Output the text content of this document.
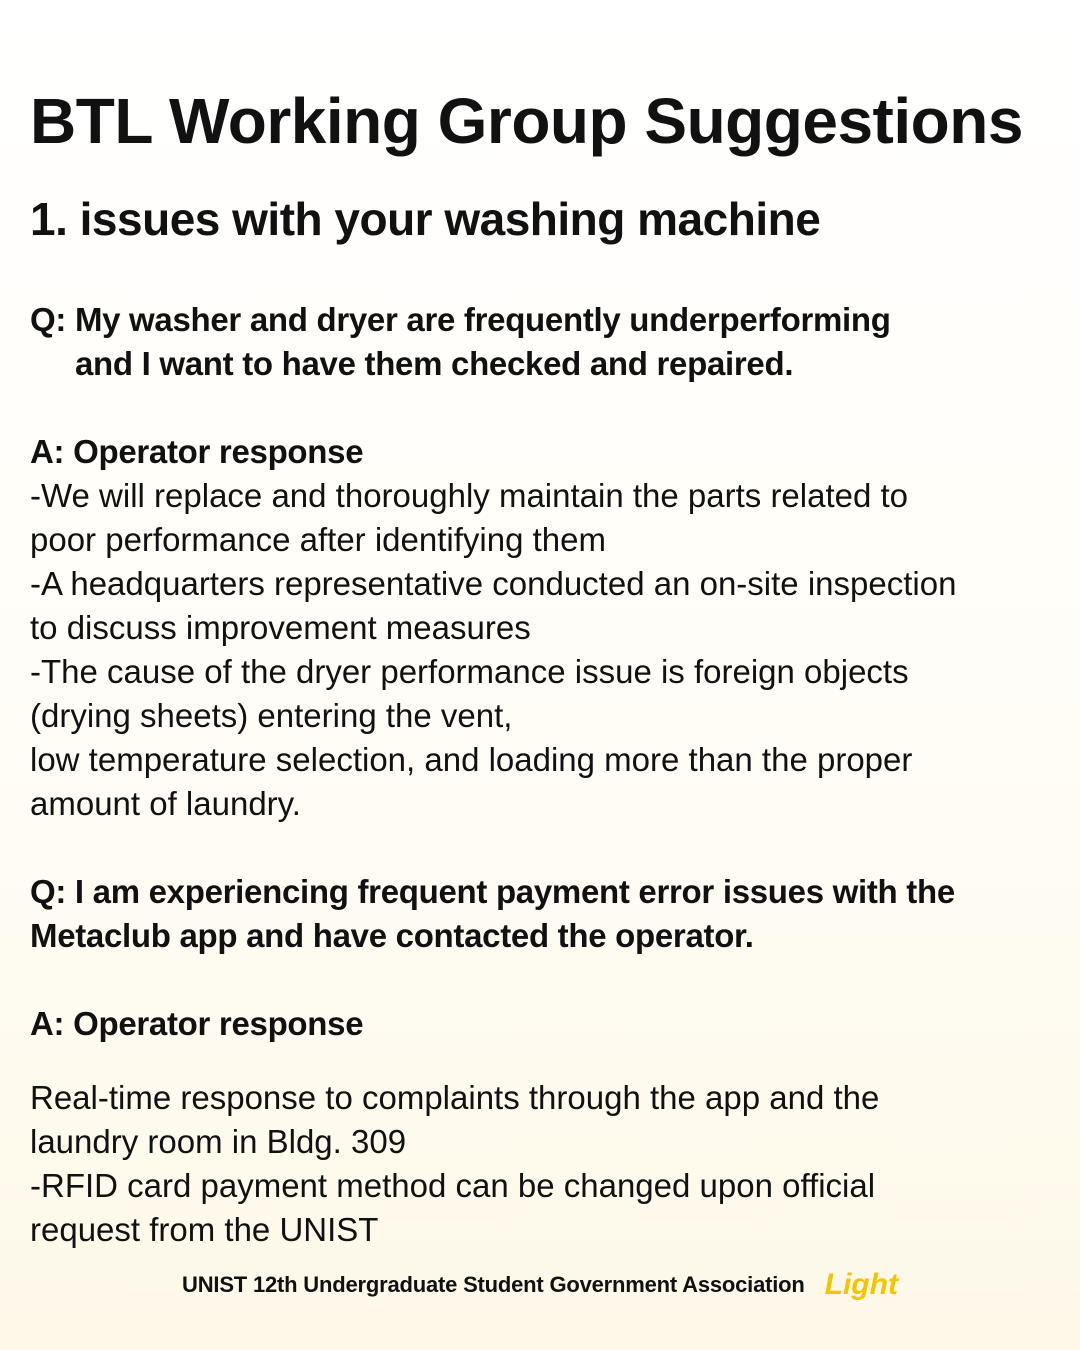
BTL Working Group Suggestions
1. issues with your washing machine
Q: My washer and dryer are frequently underperforming
and I want to have them checked and repaired.
A: Operator response
-We will replace and thoroughly maintain the parts related to
poor performance after identifying them
-A headquarters representative conducted an on-site inspection
to discuss improvement measures
-The cause of the dryer performance issue is foreign objects
(drying sheets) entering the vent,
low temperature selection, and loading more than the proper
amount of laundry.
Q: I am experiencing frequent payment error issues with the
Metaclub app and have contacted the operator.
A: Operator response
Real-time response to complaints through the app and the
laundry room in Bldg. 309
-RFID card payment method can be changed upon official
request from the UNIST
UNIST 12th Undergraduate Student Government Association Light
